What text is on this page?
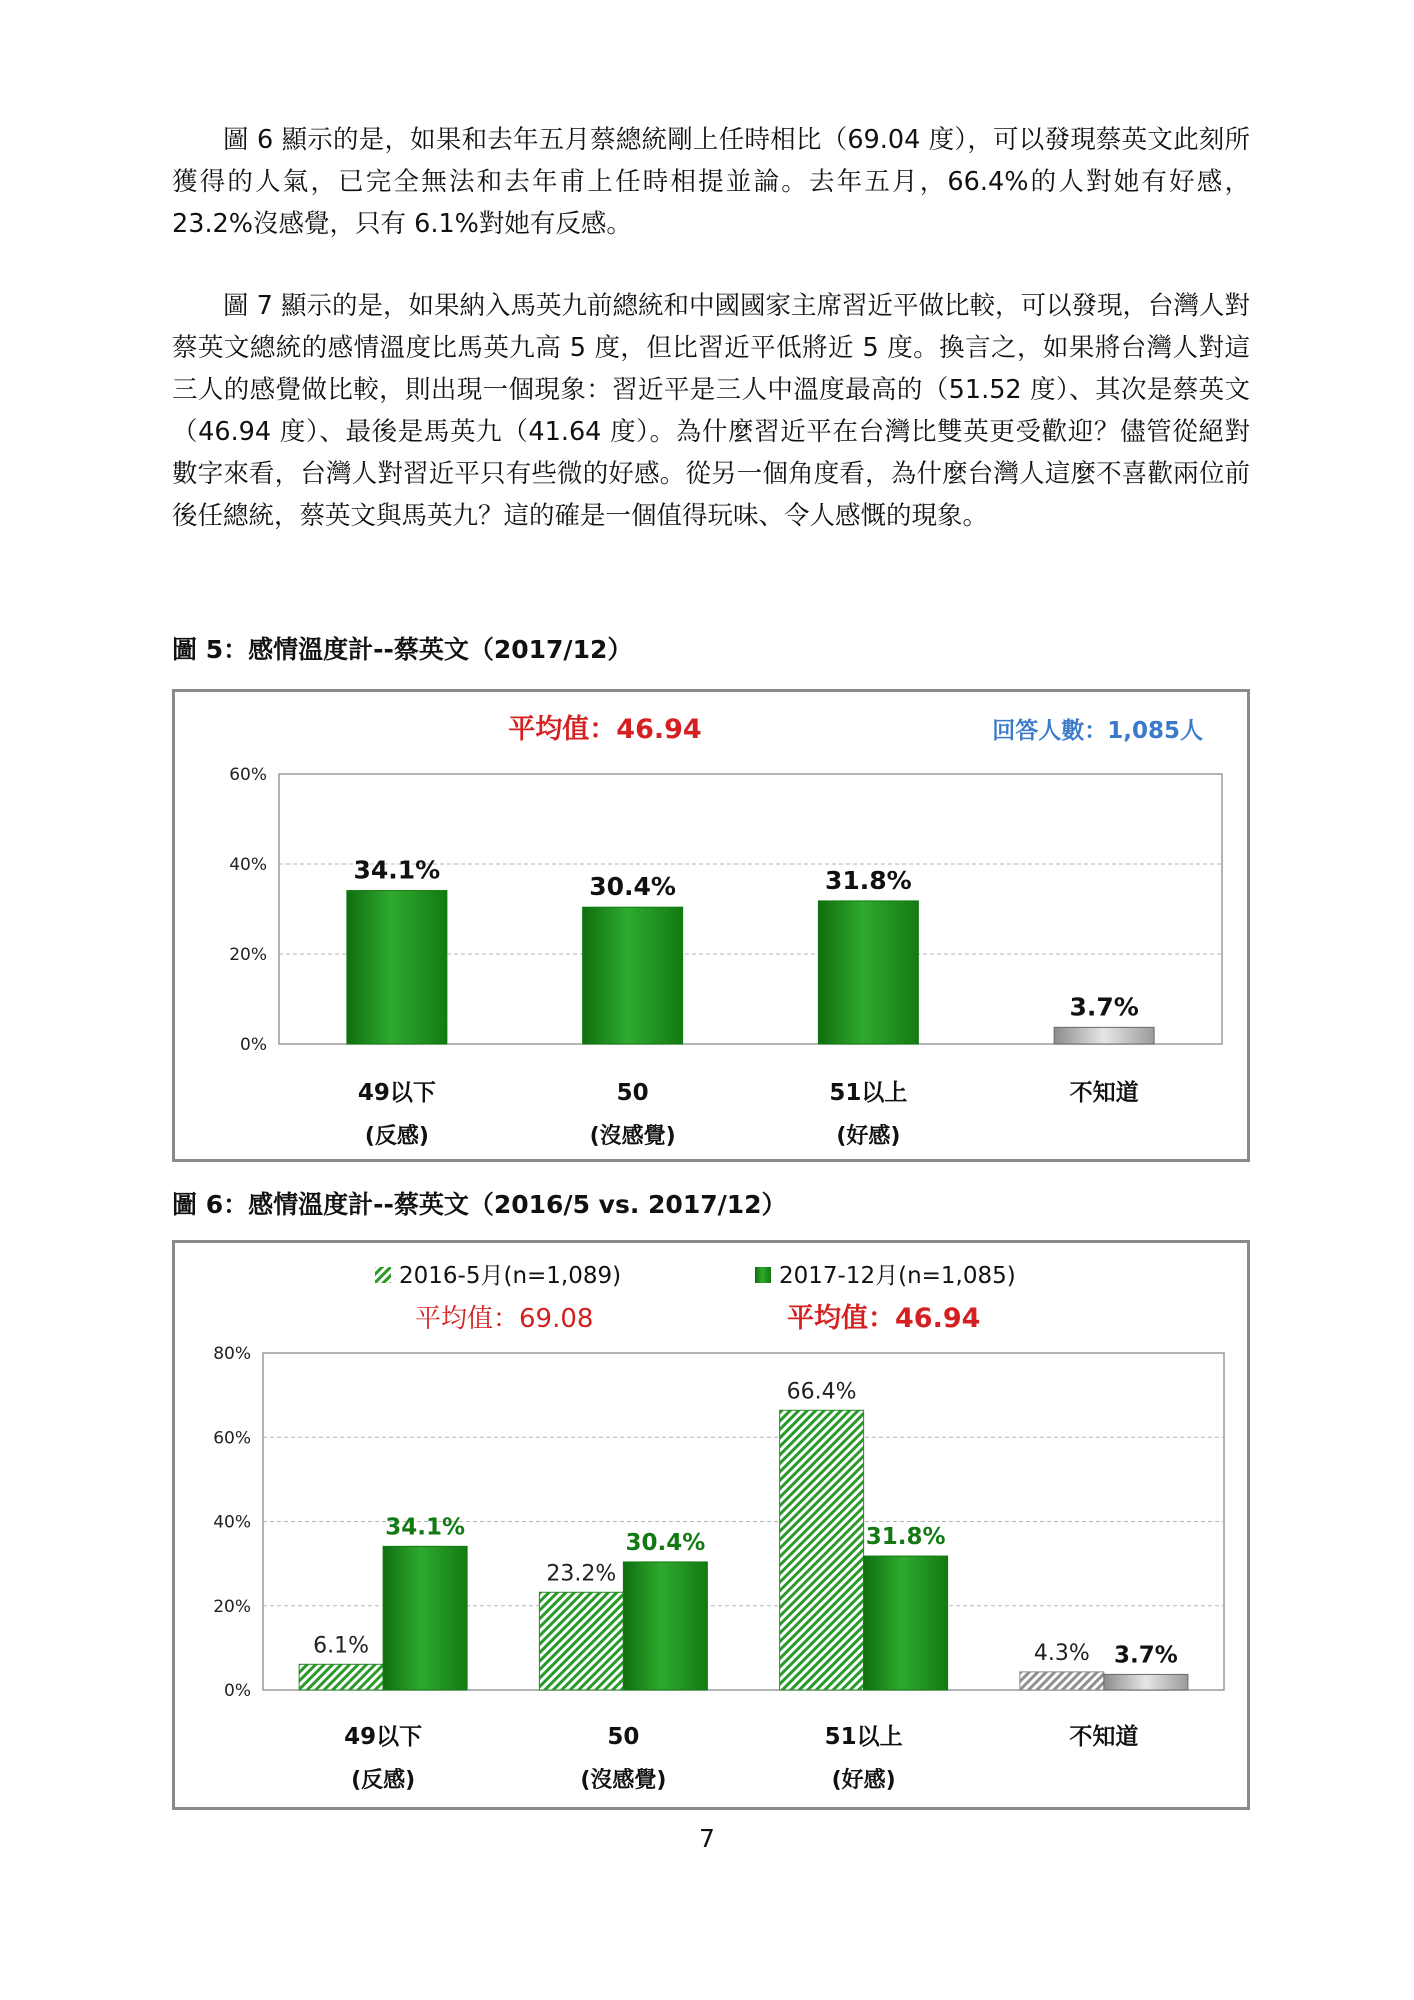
圖 6 顯示的是，如果和去年五月蔡總統剛上任時相比（69.04 度），可以發現蔡英文此刻所獲得的人氣，已完全無法和去年甫上任時相提並論。去年五月，66.4%的人對她有好感，23.2%沒感覺，只有 6.1%對她有反感。

圖 7 顯示的是，如果納入馬英九前總統和中國國家主席習近平做比較，可以發現，台灣人對蔡英文總統的感情溫度比馬英九高 5 度，但比習近平低將近 5 度。換言之，如果將台灣人對這三人的感覺做比較，則出現一個現象：習近平是三人中溫度最高的（51.52 度）、其次是蔡英文（46.94 度）、最後是馬英九（41.64 度）。為什麼習近平在台灣比雙英更受歡迎？儘管從絕對數字來看，台灣人對習近平只有些微的好感。從另一個角度看，為什麼台灣人這麼不喜歡兩位前後任總統，蔡英文與馬英九？這的確是一個值得玩味、令人感慨的現象。

圖 5：感情溫度計--蔡英文（2017/12）

平均值：46.94	回答人數：1,085人
0%
20%
40%
60%
49以下
(反感)
50
(沒感覺)
51以上
(好感)
不知道
34.1%
30.4%	31.8%
3.7%

圖 6：感情溫度計--蔡英文（2016/5 vs. 2017/12）

2016-5月(n=1,089)	2017-12月(n=1,085)
平均值：69.08	平均值：46.94
0%
20%
40%
60%
80%
49以下
(反感)
50
(沒感覺)
51以上
(好感)
不知道
6.1%
34.1%
23.2%
30.4%
66.4%
31.8%
4.3% 3.7%

7
